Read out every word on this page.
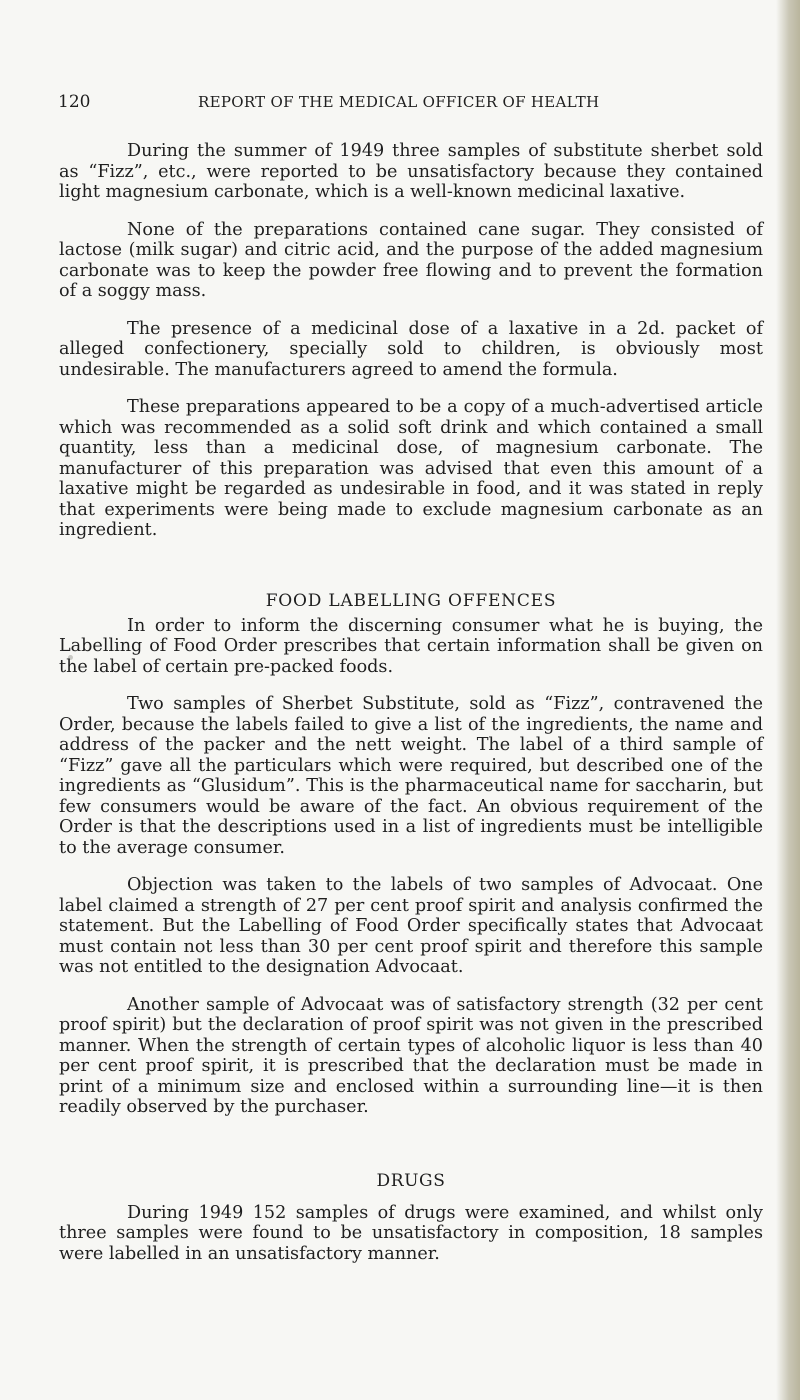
120	REPORT OF THE MEDICAL OFFICER OF HEALTH

During the summer of 1949 three samples of substitute sherbet sold as “Fizz”, etc., were reported to be unsatisfactory because they contained light magnesium carbonate, which is a well-known medicinal laxative.

None of the preparations contained cane sugar. They consisted of lactose (milk sugar) and citric acid, and the purpose of the added magnesium carbonate was to keep the powder free flowing and to prevent the formation of a soggy mass.

The presence of a medicinal dose of a laxative in a 2d. packet of alleged confectionery, specially sold to children, is obviously most undesirable. The manufacturers agreed to amend the formula.

These preparations appeared to be a copy of a much-advertised article which was recommended as a solid soft drink and which contained a small quantity, less than a medicinal dose, of magnesium carbonate. The manufacturer of this preparation was advised that even this amount of a laxative might be regarded as undesirable in food, and it was stated in reply that experiments were being made to exclude magnesium carbonate as an ingredient.

FOOD LABELLING OFFENCES

In order to inform the discerning consumer what he is buying, the Labelling of Food Order prescribes that certain information shall be given on the label of certain pre-packed foods.

Two samples of Sherbet Substitute, sold as “Fizz”, contravened the Order, because the labels failed to give a list of the ingredients, the name and address of the packer and the nett weight. The label of a third sample of “Fizz” gave all the particulars which were required, but described one of the ingredients as “Glusidum”. This is the pharmaceutical name for saccharin, but few consumers would be aware of the fact. An obvious requirement of the Order is that the descriptions used in a list of ingredients must be intelligible to the average consumer.

Objection was taken to the labels of two samples of Advocaat. One label claimed a strength of 27 per cent proof spirit and analysis confirmed the statement. But the Labelling of Food Order specifically states that Advocaat must contain not less than 30 per cent proof spirit and therefore this sample was not entitled to the designation Advocaat.

Another sample of Advocaat was of satisfactory strength (32 per cent proof spirit) but the declaration of proof spirit was not given in the prescribed manner. When the strength of certain types of alcoholic liquor is less than 40 per cent proof spirit, it is prescribed that the declaration must be made in print of a minimum size and enclosed within a surrounding line—it is then readily observed by the purchaser.

DRUGS

During 1949 152 samples of drugs were examined, and whilst only three samples were found to be unsatisfactory in composition, 18 samples were labelled in an unsatisfactory manner.
